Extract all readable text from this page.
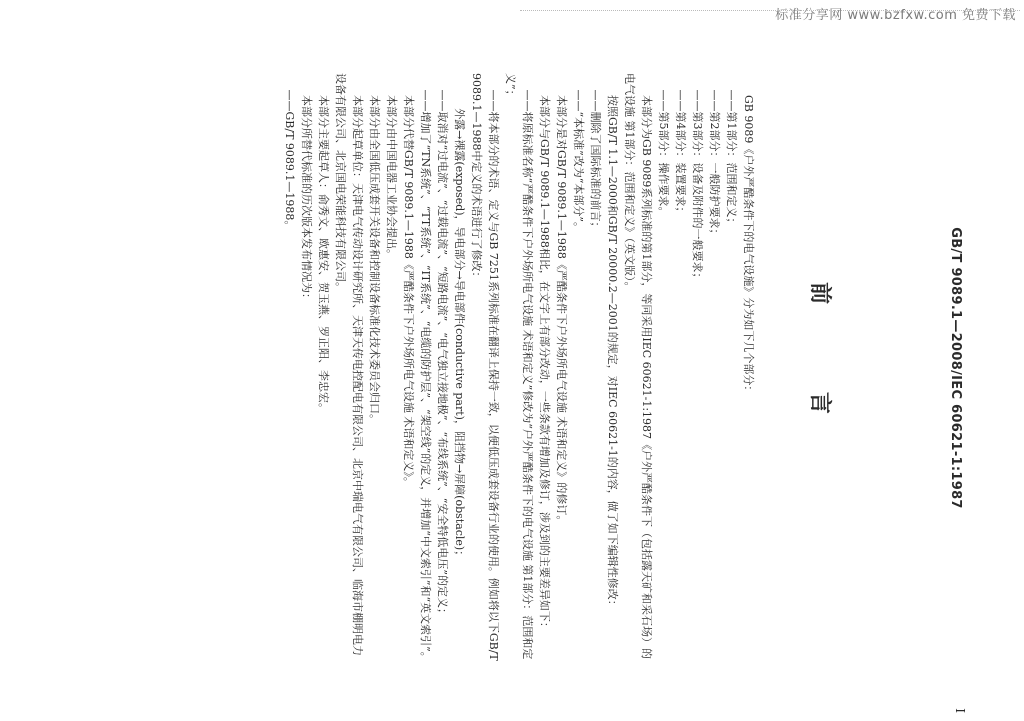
标准分享网 www.bzfxw.com 免费下载
GB/T 9089.1—2008/IEC 60621-1:1987
I
前 言

GB 9089《户外严酷条件下的电气设施》分为如下几个部分：

——第1部分：范围和定义；

——第2部分：一般防护要求；

——第3部分：设备及附件的一般要求；

——第4部分：装置要求；

——第5部分：操作要求。

本部分为GB 9089系列标准的第1部分，等同采用IEC 60621-1:1987《户外严酷条件下（包括露天矿和采石场）的电气设施 第1部分：范围和定义》（英文版）。

按照GB/T 1.1—2000和GB/T 20000.2—2001的规定，对IEC 60621-1的内容，做了如下编辑性修改：

——删除了国际标准的前言；

——“本标准”改为“本部分”。

本部分是对GB/T 9089.1—1988《严酷条件下户外场所电气设施 术语和定义》的修订。

本部分与GB/T 9089.1—1988相比，在文字上有部分改动，一些条款有增加及修订，涉及到的主要差异如下：

——将原标准名称“严酷条件下户外场所电气设施 术语和定义”修改为“户外严酷条件下的电气设施 第1部分：范围和定义”；

——将本部分的术语、定义与GB 7251系列标准在翻译上保持一致，以便低压成套设备行业的使用。例如将以下GB/T 9089.1—1988中定义的术语进行了修改：

外露→裸露(exposed)，导电部分→导电部件(conductive part)，阻挡物→屏障(obstacle)；

——取消对“过电流”、“过载电流”、“短路电流”、“电气独立接地极”、“布线系统”、“安全特低电压”的定义；

——增加了“TN系统”、“TT系统”、“IT系统”、“电缆的防护层”、“架空线”的定义，并增加“中文索引”和“英文索引”。

本部分代替GB/T 9089.1—1988《严酷条件下户外场所电气设施 术语和定义》。

本部分由中国电器工业协会提出。

本部分由全国低压成套开关设备和控制设备标准化技术委员会归口。

本部分起草单位：天津电气传动设计研究所、天津天传电控配电有限公司、北京中瑞电气有限公司、临海市棚明电力设备有限公司、北京国电荣能科技有限公司。

本部分主要起草人：俞秀文、欧惠安、贺玉燕、罗正阳、李忠宏。

本部分所替代标准的历次版本发布情况为：

——GB/T 9089.1—1988。
